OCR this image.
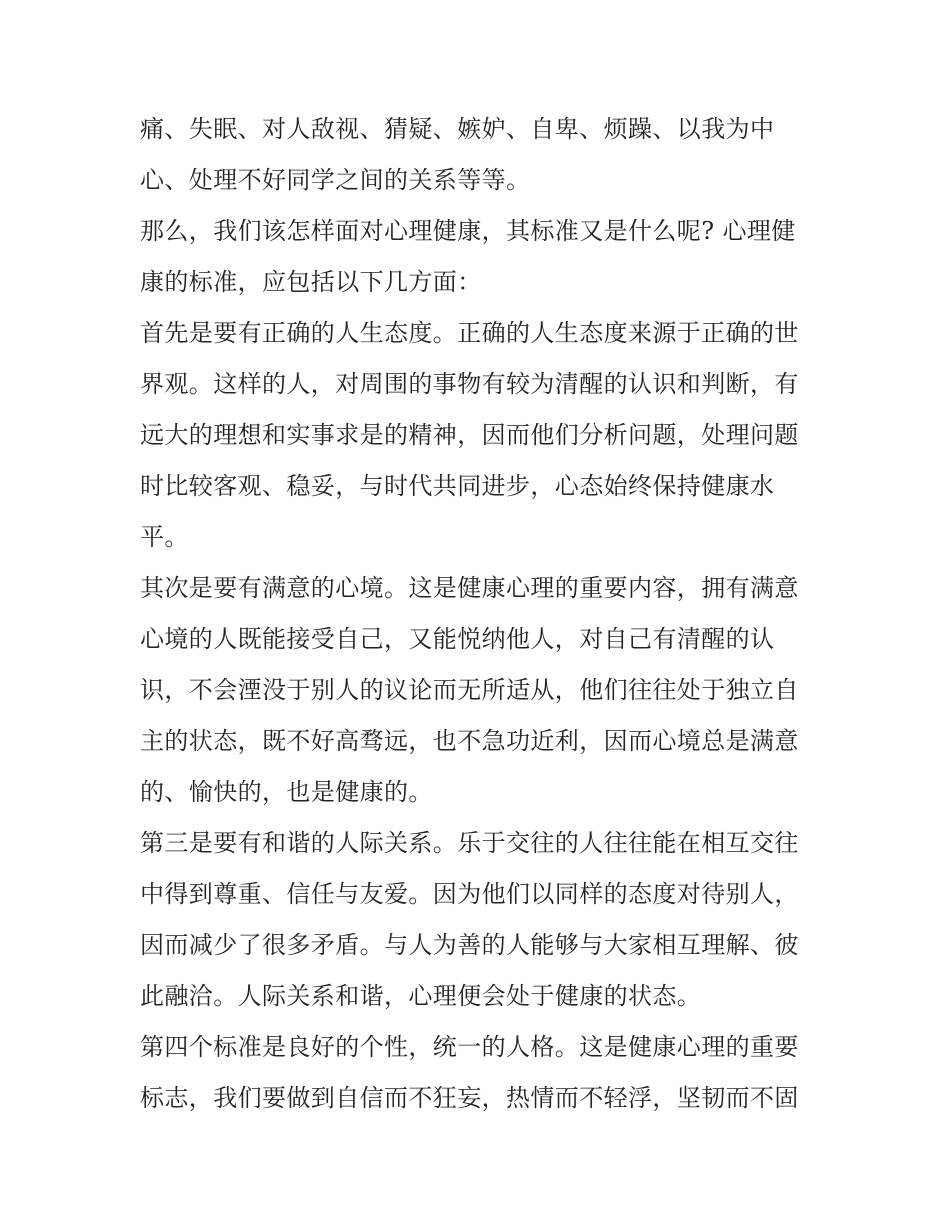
痛、失眠、对人敌视、猜疑、嫉妒、自卑、烦躁、以我为中
心、处理不好同学之间的关系等等。
那么，我们该怎样面对心理健康，其标准又是什么呢? 心理健
康的标准，应包括以下几方面：
首先是要有正确的人生态度。正确的人生态度来源于正确的世
界观。这样的人，对周围的事物有较为清醒的认识和判断，有
远大的理想和实事求是的精神，因而他们分析问题，处理问题
时比较客观、稳妥，与时代共同进步，心态始终保持健康水
平。
其次是要有满意的心境。这是健康心理的重要内容，拥有满意
心境的人既能接受自己，又能悦纳他人，对自己有清醒的认
识，不会湮没于别人的议论而无所适从，他们往往处于独立自
主的状态，既不好高骛远，也不急功近利，因而心境总是满意
的、愉快的，也是健康的。
第三是要有和谐的人际关系。乐于交往的人往往能在相互交往
中得到尊重、信任与友爱。因为他们以同样的态度对待别人，
因而减少了很多矛盾。与人为善的人能够与大家相互理解、彼
此融洽。人际关系和谐，心理便会处于健康的状态。
第四个标准是良好的个性，统一的人格。这是健康心理的重要
标志，我们要做到自信而不狂妄，热情而不轻浮，坚韧而不固
